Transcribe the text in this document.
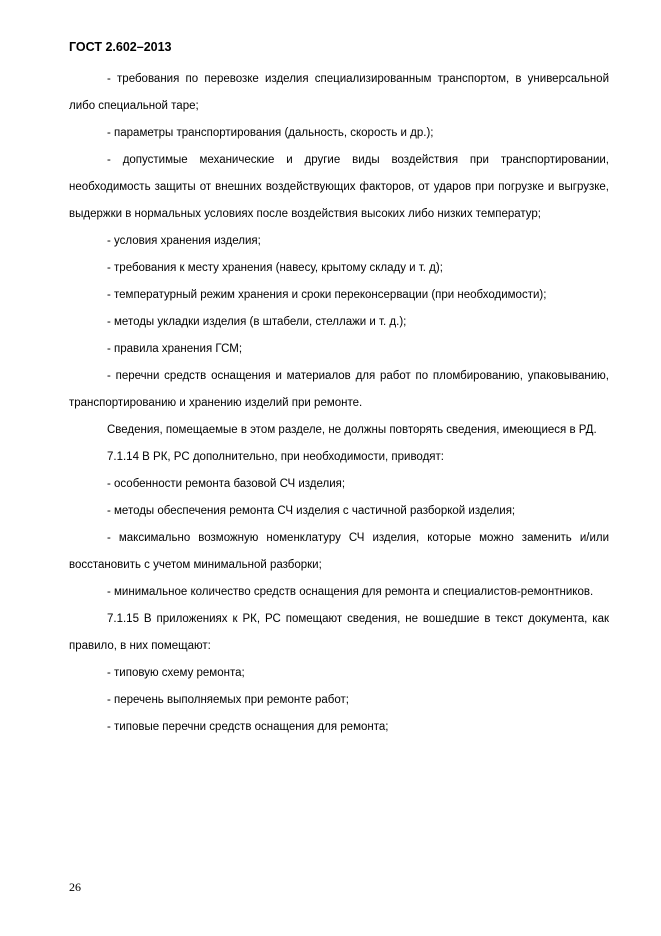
ГОСТ 2.602–2013

- требования по перевозке изделия специализированным транспортом, в универсальной либо специальной таре;

- параметры транспортирования (дальность, скорость и др.);

- допустимые механические и другие виды воздействия при транспортировании, необходимость защиты от внешних воздействующих факторов, от ударов при погрузке и выгрузке, выдержки в нормальных условиях после воздействия высоких либо низких температур;

- условия хранения изделия;

- требования к месту хранения (навесу, крытому складу и т. д);

- температурный режим хранения и сроки переконсервации (при необходимости);

- методы укладки изделия (в штабели, стеллажи и т. д.);

- правила хранения ГСМ;

- перечни средств оснащения и материалов для работ по пломбированию, упаковыванию, транспортированию и хранению изделий при ремонте.

Сведения, помещаемые в этом разделе, не должны повторять сведения, имеющиеся в РД.

7.1.14 В РК, РС дополнительно, при необходимости, приводят:

- особенности ремонта базовой СЧ изделия;

- методы обеспечения ремонта СЧ изделия с частичной разборкой изделия;

- максимально возможную номенклатуру СЧ изделия, которые можно заменить и/или восстановить с учетом минимальной разборки;

- минимальное количество средств оснащения для ремонта и специалистов-ремонтников.

7.1.15 В приложениях к РК, РС помещают сведения, не вошедшие в текст документа, как правило, в них помещают:

- типовую схему ремонта;

- перечень выполняемых при ремонте работ;

- типовые перечни средств оснащения для ремонта;

26
